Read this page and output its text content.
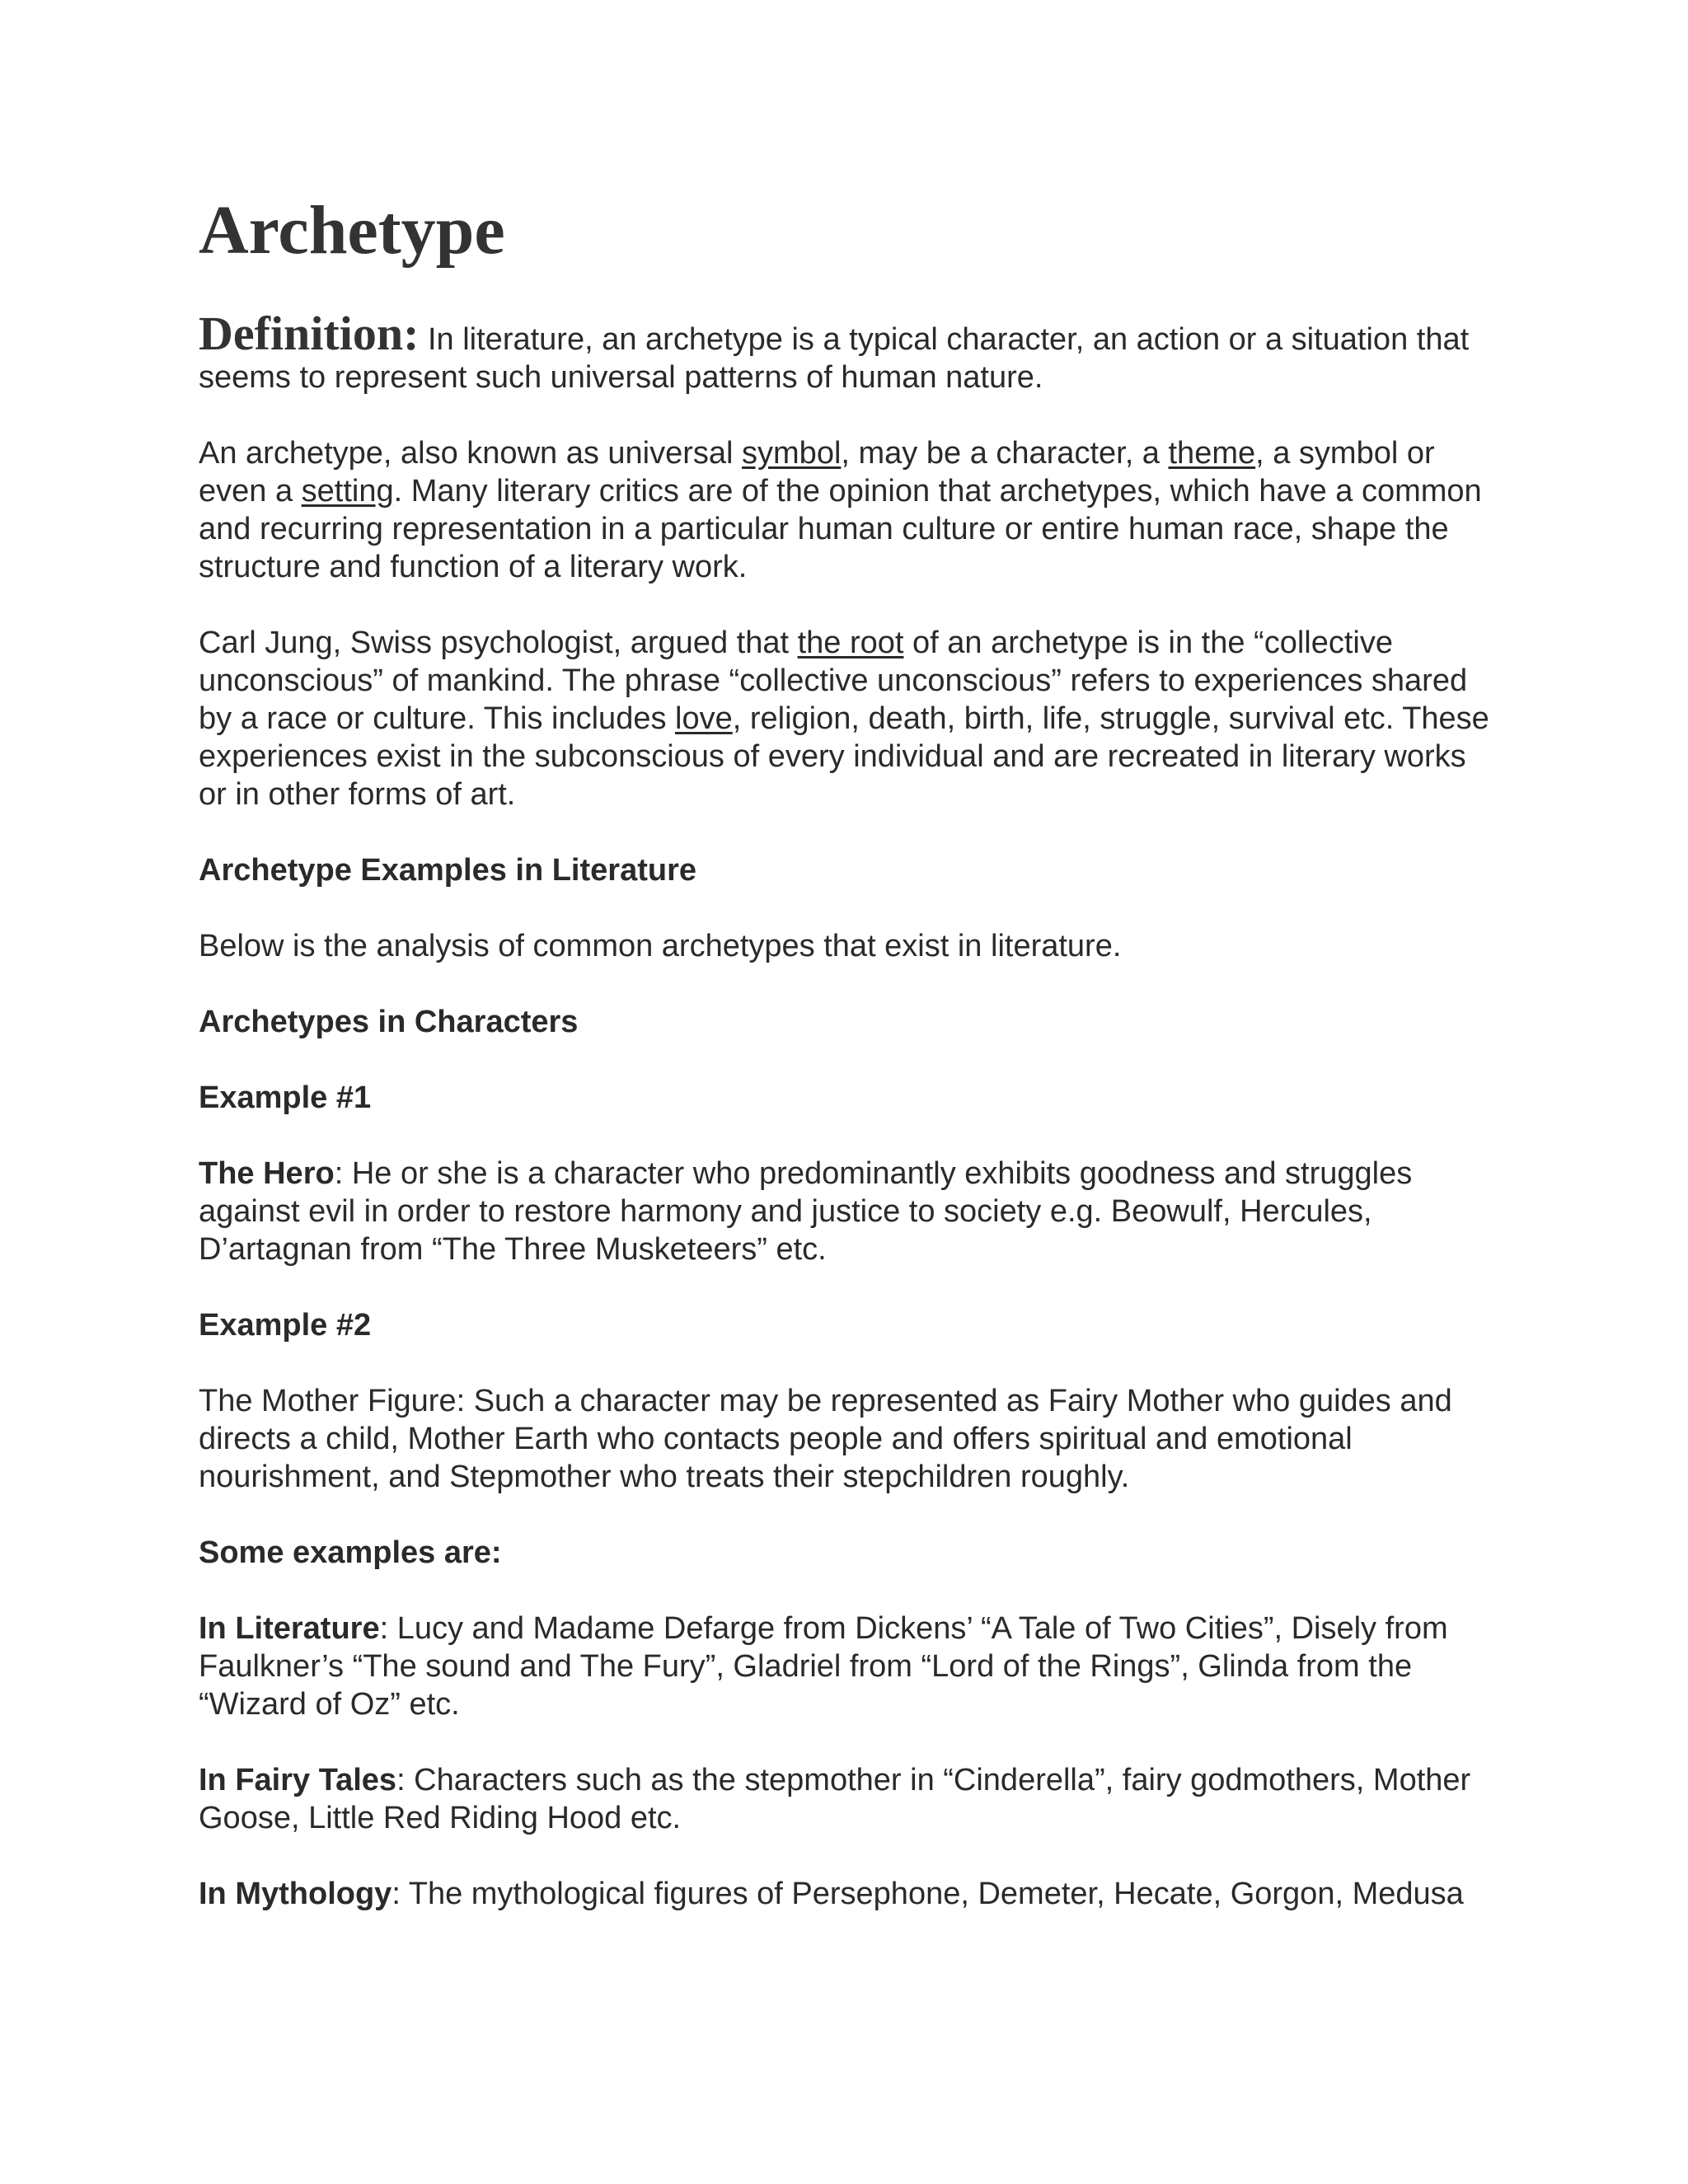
Archetype

Definition: In literature, an archetype is a typical character, an action or a situation that seems to represent such universal patterns of human nature.

An archetype, also known as universal symbol, may be a character, a theme, a symbol or even a setting. Many literary critics are of the opinion that archetypes, which have a common and recurring representation in a particular human culture or entire human race, shape the structure and function of a literary work.

Carl Jung, Swiss psychologist, argued that the root of an archetype is in the “collective unconscious” of mankind. The phrase “collective unconscious” refers to experiences shared by a race or culture. This includes love, religion, death, birth, life, struggle, survival etc. These experiences exist in the subconscious of every individual and are recreated in literary works or in other forms of art.

Archetype Examples in Literature

Below is the analysis of common archetypes that exist in literature.

Archetypes in Characters

Example #1

The Hero: He or she is a character who predominantly exhibits goodness and struggles against evil in order to restore harmony and justice to society e.g. Beowulf, Hercules, D’artagnan from “The Three Musketeers” etc.

Example #2

The Mother Figure: Such a character may be represented as Fairy Mother who guides and directs a child, Mother Earth who contacts people and offers spiritual and emotional nourishment, and Stepmother who treats their stepchildren roughly.

Some examples are:

In Literature: Lucy and Madame Defarge from Dickens’ “A Tale of Two Cities”, Disely from Faulkner’s “The sound and The Fury”, Gladriel from “Lord of the Rings”, Glinda from the “Wizard of Oz” etc.

In Fairy Tales: Characters such as the stepmother in “Cinderella”, fairy godmothers, Mother Goose, Little Red Riding Hood etc.

In Mythology: The mythological figures of Persephone, Demeter, Hecate, Gorgon, Medusa
